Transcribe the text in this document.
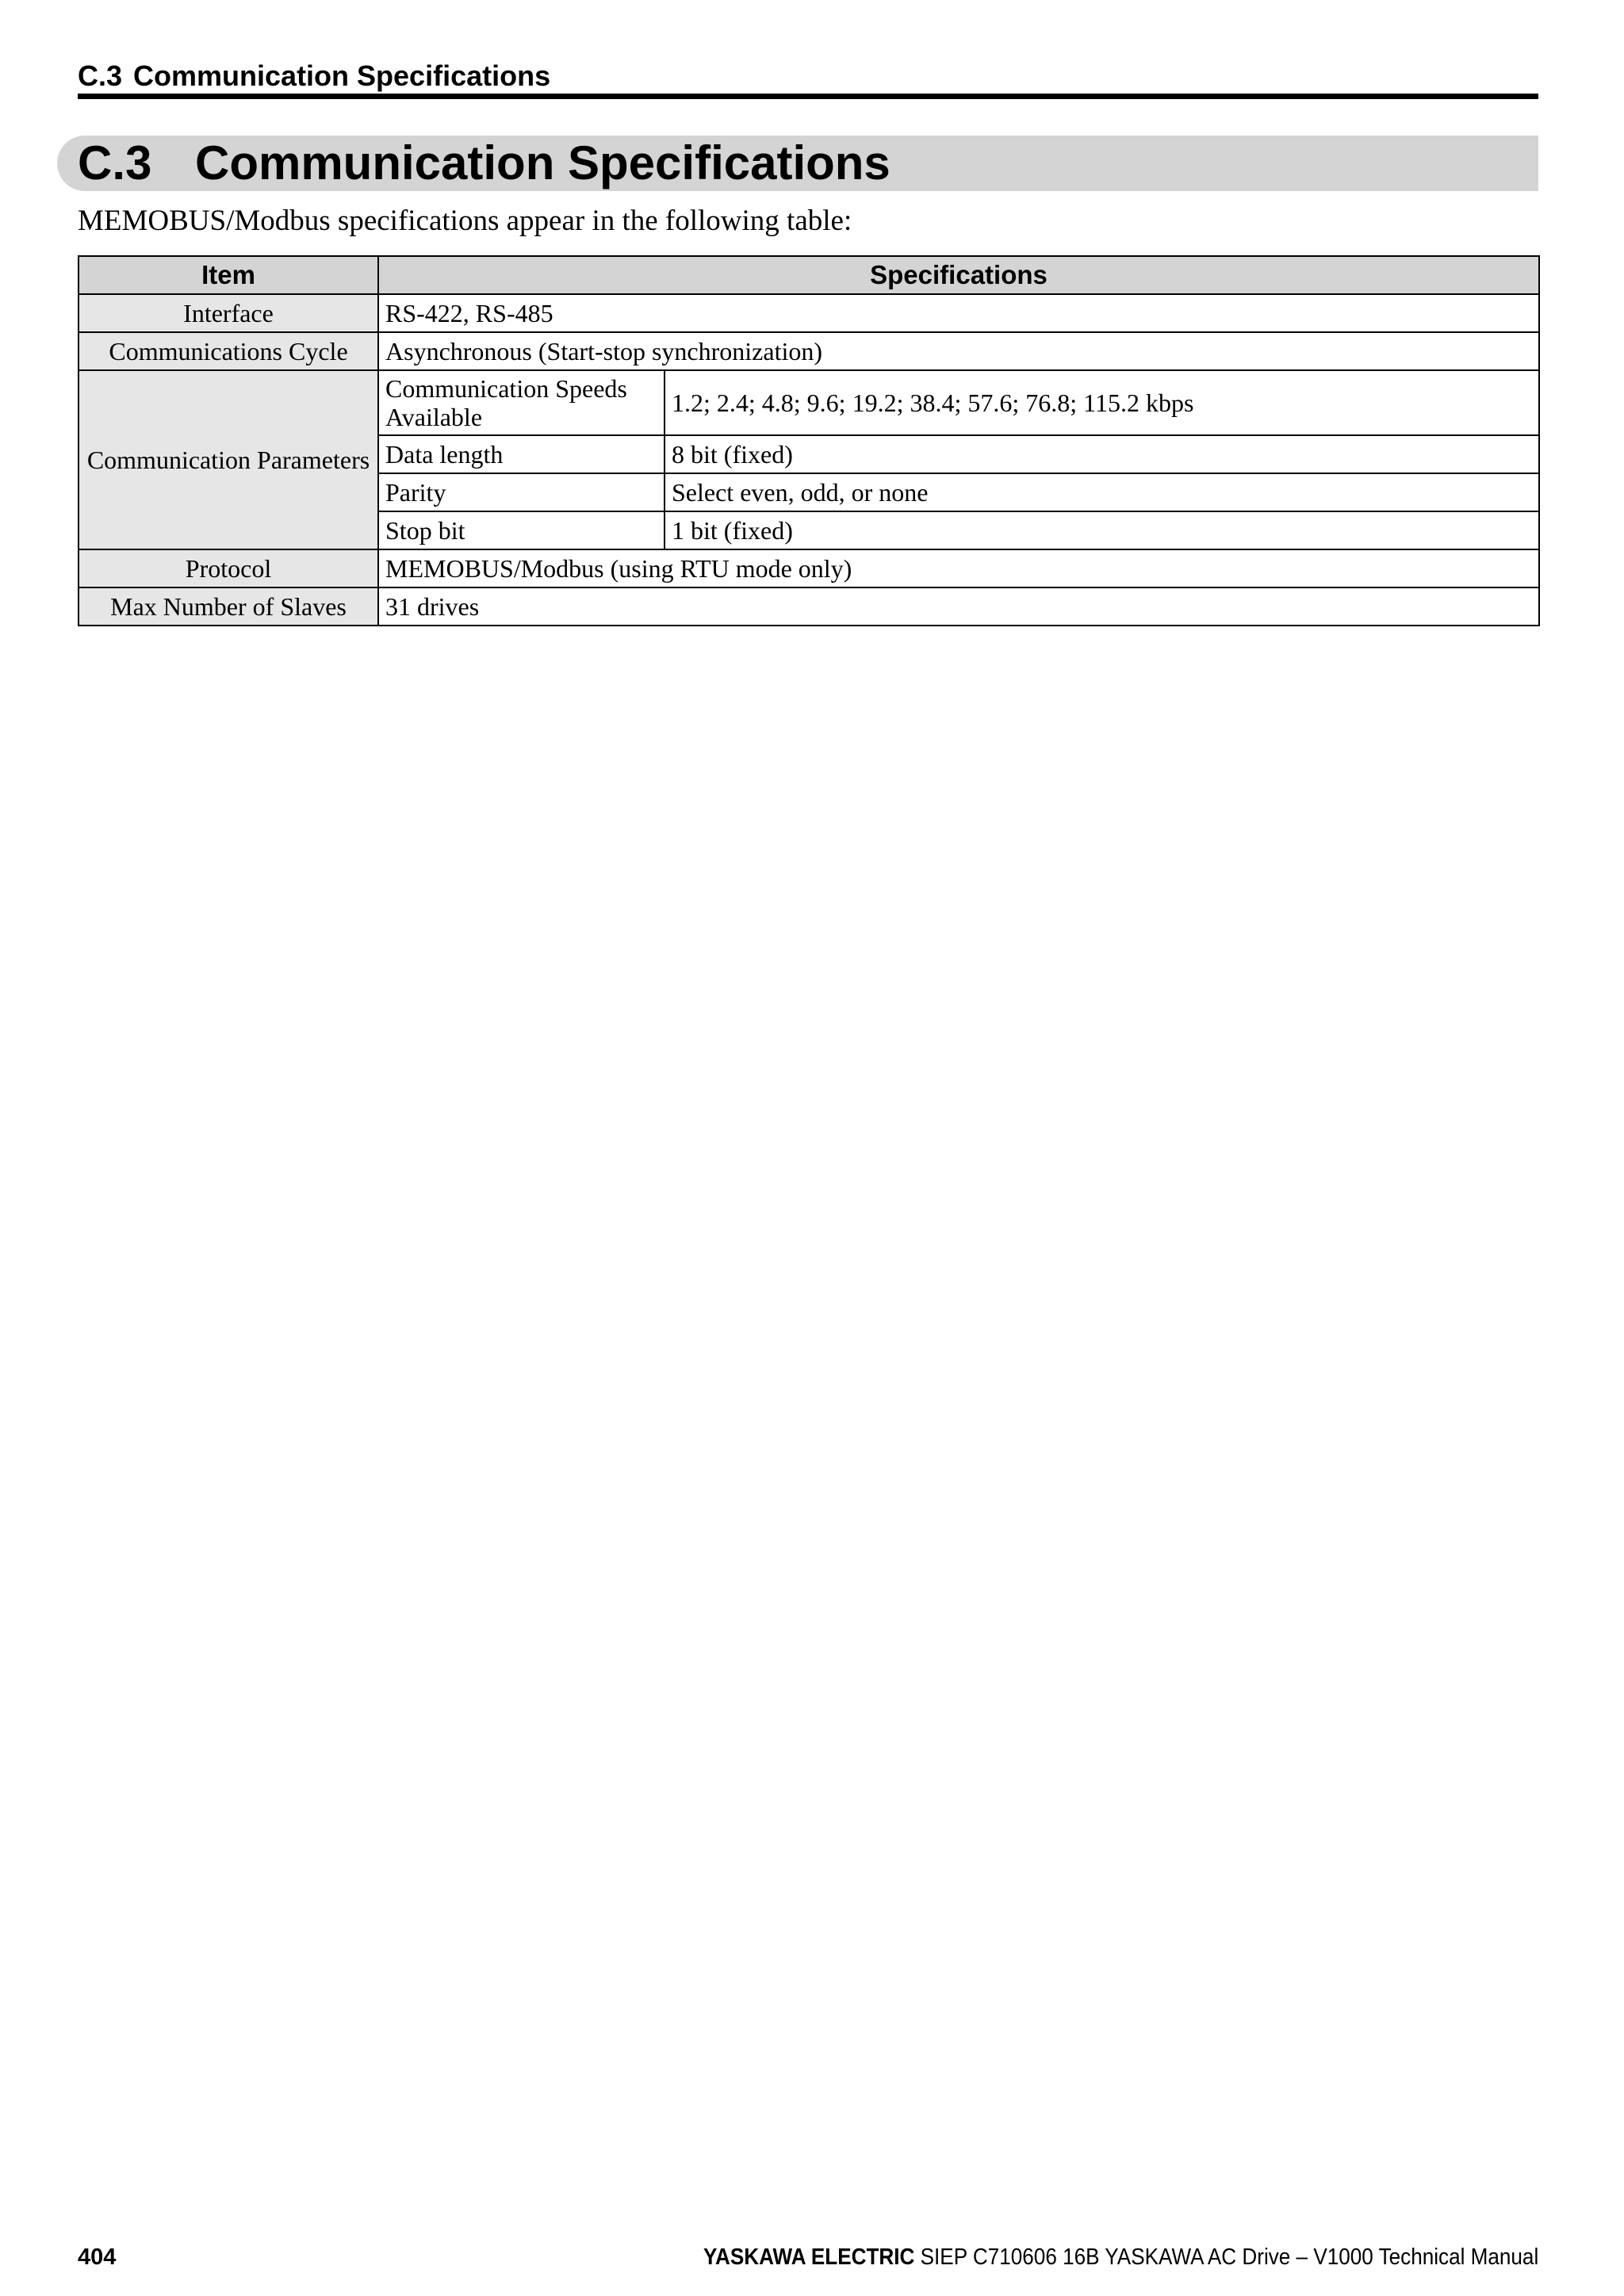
C.3 Communication Specifications
C.3 Communication Specifications
MEMOBUS/Modbus specifications appear in the following table:
Item	Specifications	
Interface	RS-422, RS-485	
Communications Cycle	Asynchronous (Start-stop synchronization)	
Communication Parameters	Communication Speeds Available	1.2; 2.4; 4.8; 9.6; 19.2; 38.4; 57.6; 76.8; 115.2 kbps
	Data length	8 bit (fixed)
	Parity	Select even, odd, or none
	Stop bit	1 bit (fixed)
Protocol	MEMOBUS/Modbus (using RTU mode only)	
Max Number of Slaves	31 drives	
404	YASKAWA ELECTRIC SIEP C710606 16B YASKAWA AC Drive – V1000 Technical Manual
